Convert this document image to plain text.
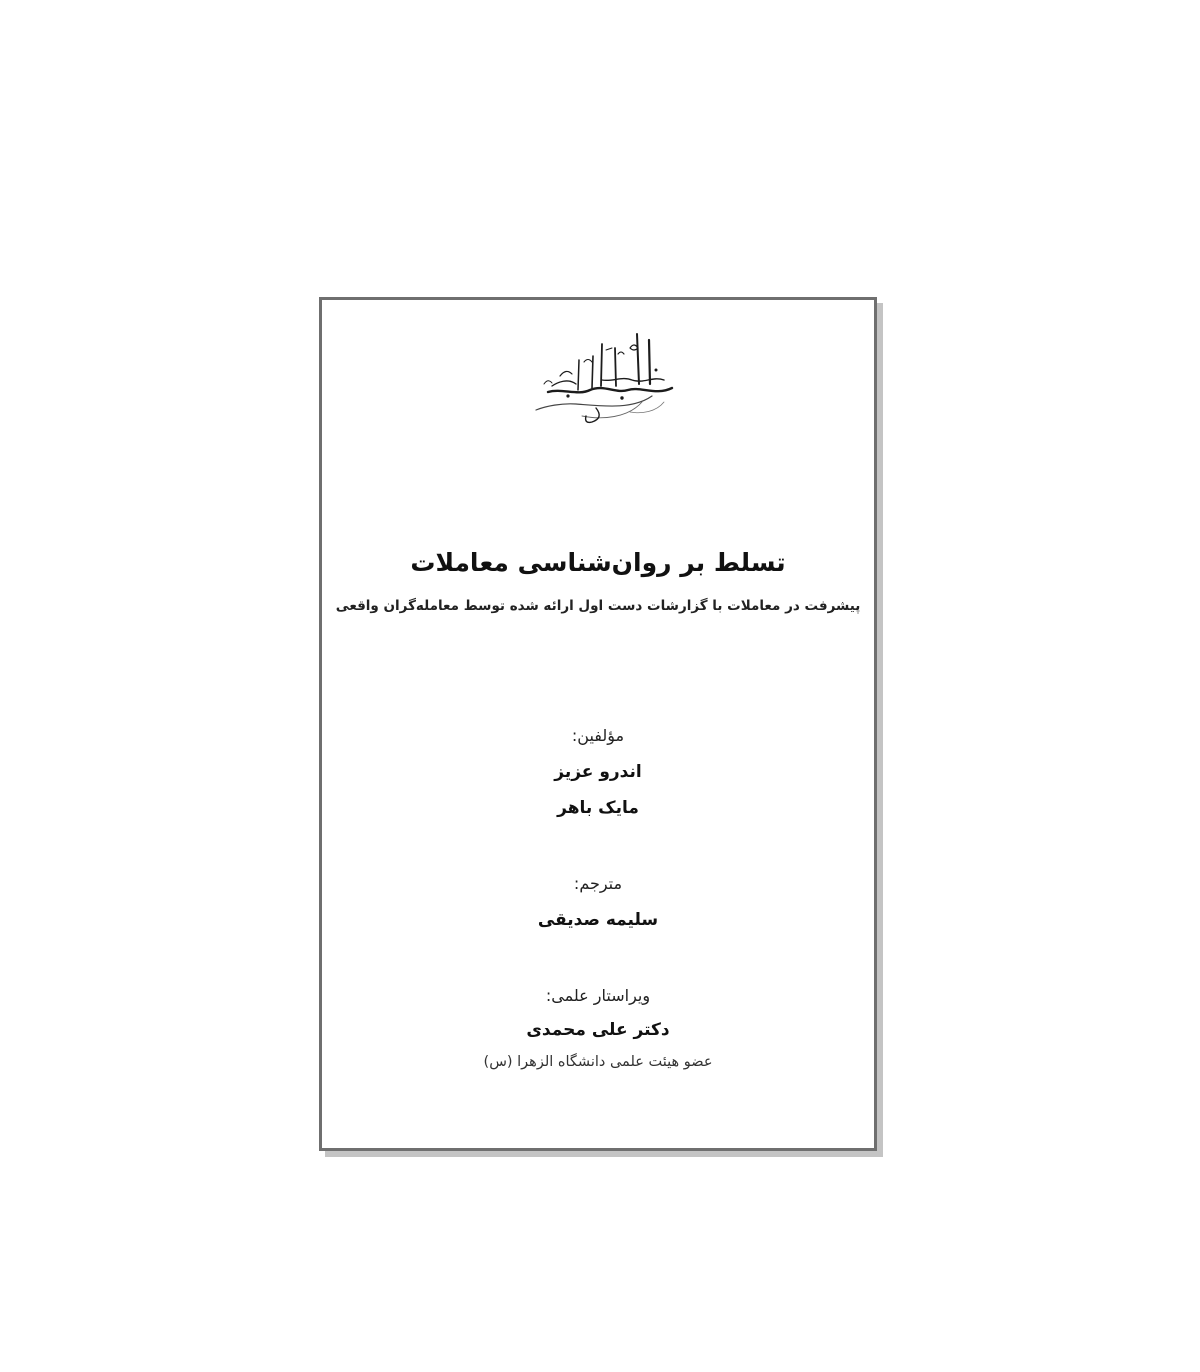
تسلط بر روان‌شناسی معاملات
پیشرفت در معاملات با گزارشات دست اول ارائه شده توسط معامله‌گران واقعی
مؤلفین:
اندرو عزیز
مایک باهر
مترجم:
سلیمه صدیقی
ویراستار علمی:
دکتر علی محمدی
عضو هیئت علمی دانشگاه الزهرا (س)
